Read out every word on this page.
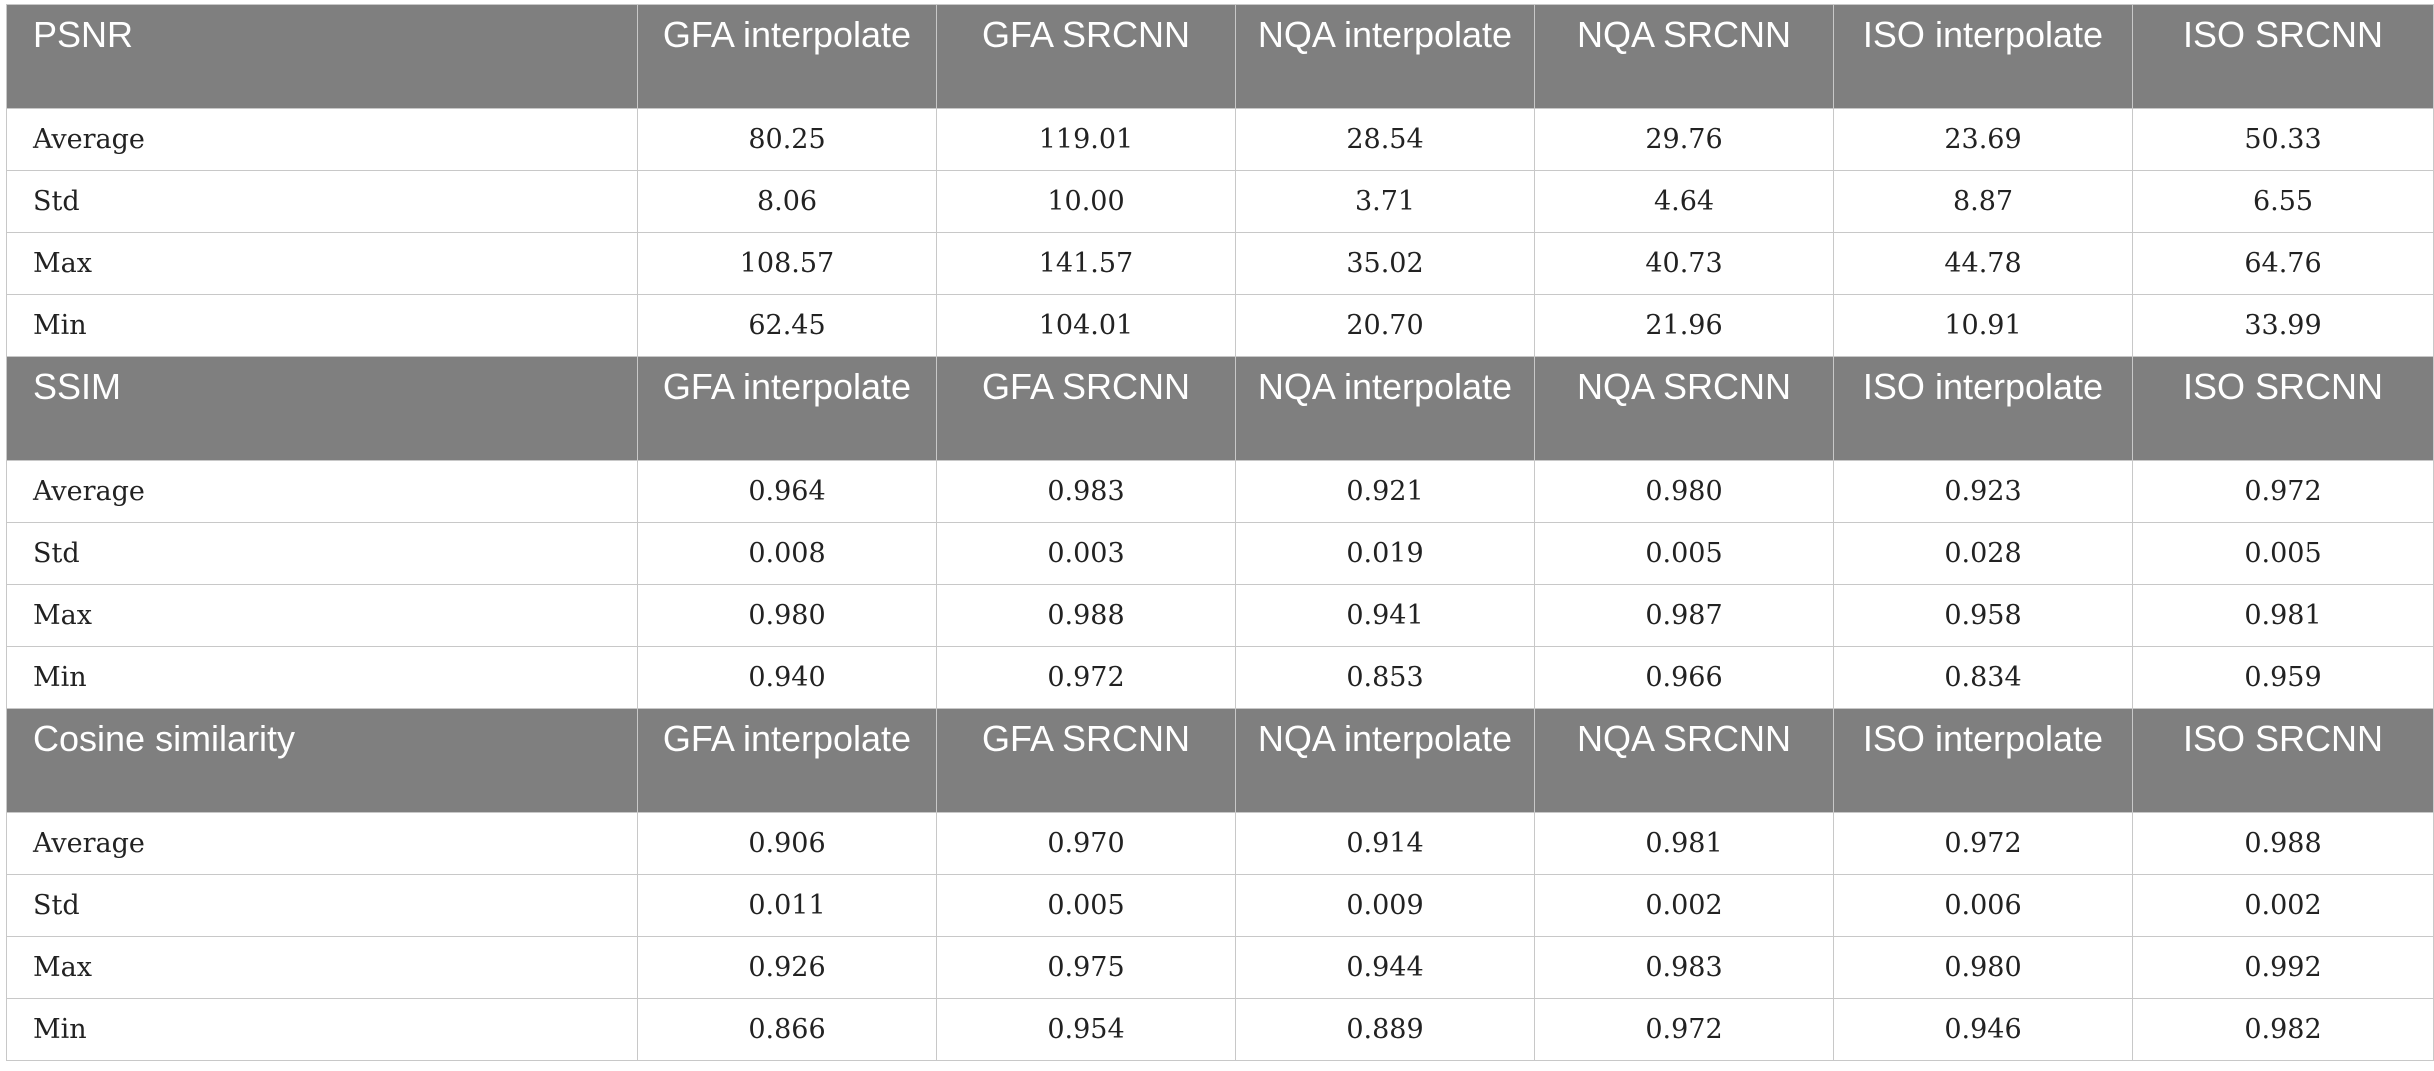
PSNR	GFA interpolate	GFA SRCNN	NQA interpolate	NQA SRCNN	ISO interpolate	ISO SRCNN
Average	80.25	119.01	28.54	29.76	23.69	50.33
Std	8.06	10.00	3.71	4.64	8.87	6.55
Max	108.57	141.57	35.02	40.73	44.78	64.76
Min	62.45	104.01	20.70	21.96	10.91	33.99
SSIM	GFA interpolate	GFA SRCNN	NQA interpolate	NQA SRCNN	ISO interpolate	ISO SRCNN
Average	0.964	0.983	0.921	0.980	0.923	0.972
Std	0.008	0.003	0.019	0.005	0.028	0.005
Max	0.980	0.988	0.941	0.987	0.958	0.981
Min	0.940	0.972	0.853	0.966	0.834	0.959
Cosine similarity	GFA interpolate	GFA SRCNN	NQA interpolate	NQA SRCNN	ISO interpolate	ISO SRCNN
Average	0.906	0.970	0.914	0.981	0.972	0.988
Std	0.011	0.005	0.009	0.002	0.006	0.002
Max	0.926	0.975	0.944	0.983	0.980	0.992
Min	0.866	0.954	0.889	0.972	0.946	0.982
